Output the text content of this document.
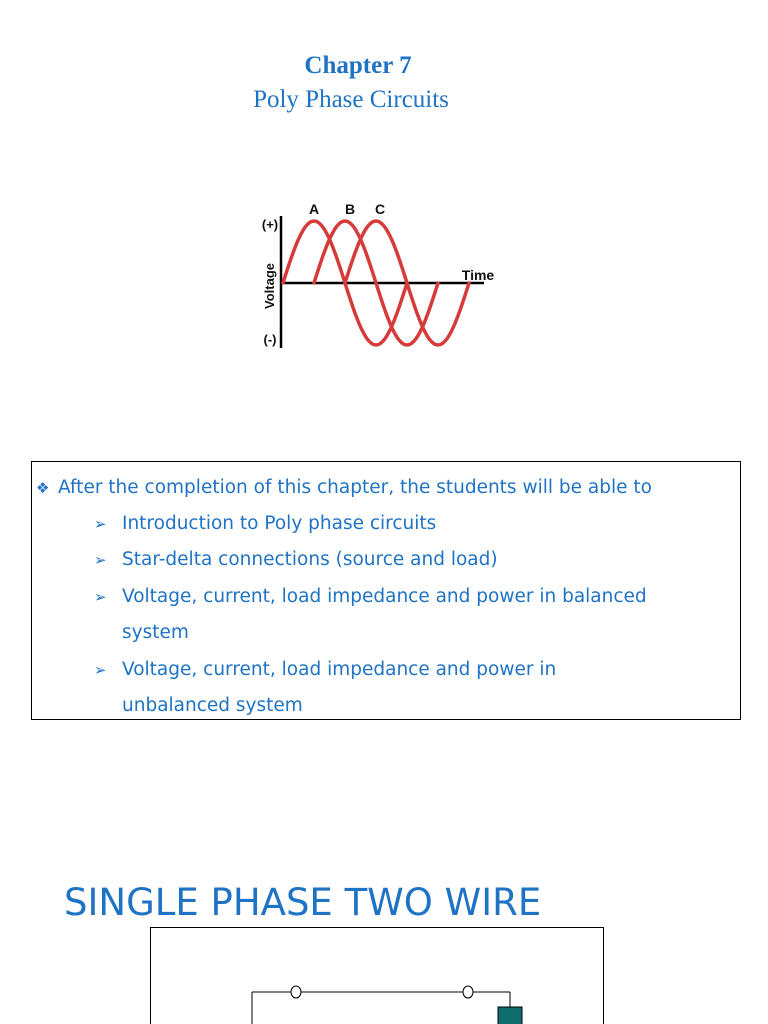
Chapter 7
Poly Phase Circuits
A B C
(+)
(-)
Voltage	Time
❖ After the completion of this chapter, the students will be able to
➢ Introduction to Poly phase circuits
➢ Star-delta connections (source and load)
➢ Voltage, current, load impedance and power in balanced
system
➢ Voltage, current, load impedance and power in
unbalanced system
SINGLE PHASE TWO WIRE
